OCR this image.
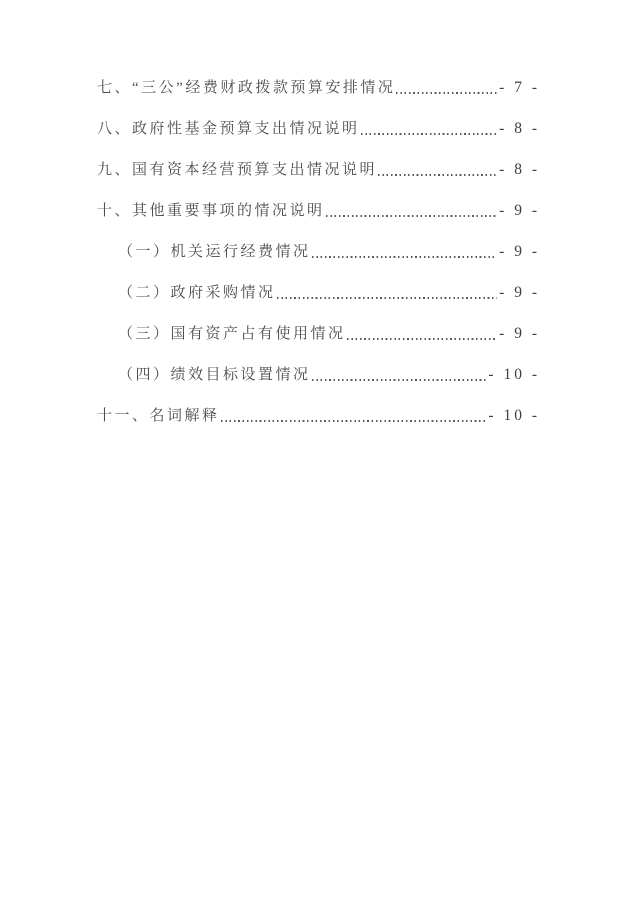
七、“三公”经费财政拨款预算安排情况	- 7 -
八、政府性基金预算支出情况说明	- 8 -
九、国有资本经营预算支出情况说明	- 8 -
十、其他重要事项的情况说明	- 9 -
（一）机关运行经费情况	- 9 -
（二）政府采购情况	- 9 -
（三）国有资产占有使用情况	- 9 -
（四）绩效目标设置情况	- 10 -
十一、名词解释	- 10 -
